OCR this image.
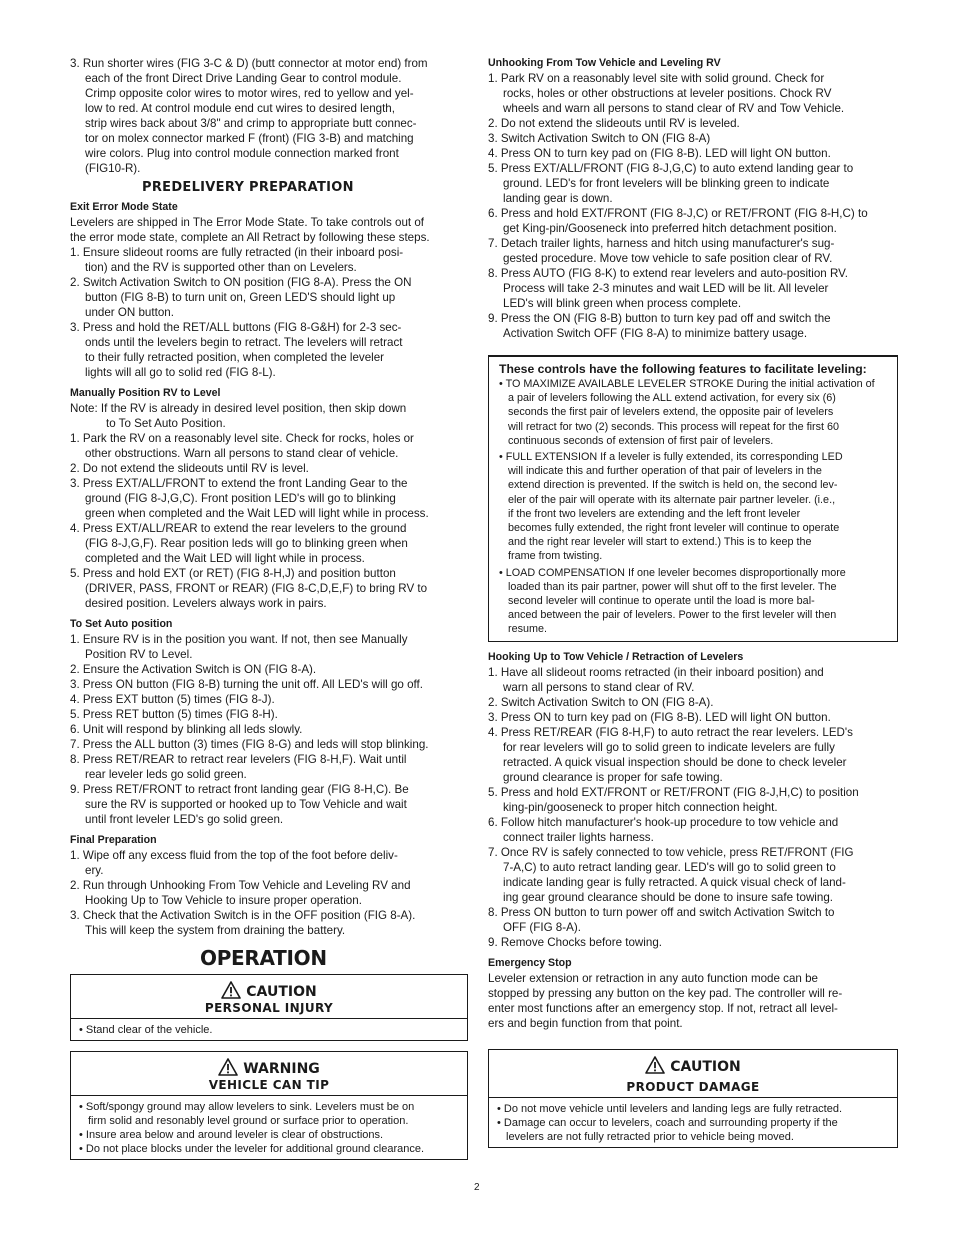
3. Run shorter wires (FIG 3-C & D) (butt connector at motor end) from
each of the front Direct Drive Landing Gear to control module.
Crimp opposite color wires to motor wires, red to yellow and yel-
low to red. At control module end cut wires to desired length,
strip wires back about 3/8" and crimp to appropriate butt connec-
tor on molex connector marked F (front) (FIG 3-B) and matching
wire colors. Plug into control module connection marked front
(FIG10-R).
PREDELIVERY PREPARATION
Exit Error Mode State
Levelers are shipped in The Error Mode State. To take controls out of
the error mode state, complete an All Retract by following these steps.
1. Ensure slideout rooms are fully retracted (in their inboard posi-
tion) and the RV is supported other than on Levelers.
2. Switch Activation Switch to ON position (FIG 8-A). Press the ON
button (FIG 8-B) to turn unit on, Green LED'S should light up
under ON button.
3. Press and hold the RET/ALL buttons (FIG 8-G&H) for 2-3 sec-
onds until the levelers begin to retract. The levelers will retract
to their fully retracted position, when completed the leveler
lights will all go to solid red (FIG 8-L).
Manually Position RV to Level
Note: If the RV is already in desired level position, then skip down
to To Set Auto Position.
1. Park the RV on a reasonably level site. Check for rocks, holes or
other obstructions. Warn all persons to stand clear of vehicle.
2. Do not extend the slideouts until RV is level.
3. Press EXT/ALL/FRONT to extend the front Landing Gear to the
ground (FIG 8-J,G,C). Front position LED's will go to blinking
green when completed and the Wait LED will light while in process.
4. Press EXT/ALL/REAR to extend the rear levelers to the ground
(FIG 8-J,G,F). Rear position leds will go to blinking green when
completed and the Wait LED will light while in process.
5. Press and hold EXT (or RET) (FIG 8-H,J) and position button
(DRIVER, PASS, FRONT or REAR) (FIG 8-C,D,E,F) to bring RV to
desired position. Levelers always work in pairs.
To Set Auto position
1. Ensure RV is in the position you want. If not, then see Manually
Position RV to Level.
2. Ensure the Activation Switch is ON (FIG 8-A).
3. Press ON button (FIG 8-B) turning the unit off. All LED's will go off.
4. Press EXT button (5) times (FIG 8-J).
5. Press RET button (5) times (FIG 8-H).
6. Unit will respond by blinking all leds slowly.
7. Press the ALL button (3) times (FIG 8-G) and leds will stop blinking.
8. Press RET/REAR to retract rear levelers (FIG 8-H,F). Wait until
rear leveler leds go solid green.
9. Press RET/FRONT to retract front landing gear (FIG 8-H,C). Be
sure the RV is supported or hooked up to Tow Vehicle and wait
until front leveler LED's go solid green.
Final Preparation
1. Wipe off any excess fluid from the top of the foot before deliv-
ery.
2. Run through Unhooking From Tow Vehicle and Leveling RV and
Hooking Up to Tow Vehicle to insure proper operation.
3. Check that the Activation Switch is in the OFF position (FIG 8-A).
This will keep the system from draining the battery.
OPERATION
CAUTION
PERSONAL INJURY
• Stand clear of the vehicle.
WARNING
VEHICLE CAN TIP
• Soft/spongy ground may allow levelers to sink. Levelers must be on
firm solid and resonably level ground or surface prior to operation.
• Insure area below and around leveler is clear of obstructions.
• Do not place blocks under the leveler for additional ground clearance.
Unhooking From Tow Vehicle and Leveling RV
1. Park RV on a reasonably level site with solid ground. Check for
rocks, holes or other obstructions at leveler positions. Chock RV
wheels and warn all persons to stand clear of RV and Tow Vehicle.
2. Do not extend the slideouts until RV is leveled.
3. Switch Activation Switch to ON (FIG 8-A)
4. Press ON to turn key pad on (FIG 8-B). LED will light ON button.
5. Press EXT/ALL/FRONT (FIG 8-J,G,C) to auto extend landing gear to
ground. LED's for front levelers will be blinking green to indicate
landing gear is down.
6. Press and hold EXT/FRONT (FIG 8-J,C) or RET/FRONT (FIG 8-H,C) to
get King-pin/Gooseneck into preferred hitch detachment position.
7. Detach trailer lights, harness and hitch using manufacturer's sug-
gested procedure. Move tow vehicle to safe position clear of RV.
8. Press AUTO (FIG 8-K) to extend rear levelers and auto-position RV.
Process will take 2-3 minutes and wait LED will be lit. All leveler
LED's will blink green when process complete.
9. Press the ON (FIG 8-B) button to turn key pad off and switch the
Activation Switch OFF (FIG 8-A) to minimize battery usage.
These controls have the following features to facilitate leveling:
• TO MAXIMIZE AVAILABLE LEVELER STROKE During the initial activation of
a pair of levelers following the ALL extend activation, for every six (6)
seconds the first pair of levelers extend, the opposite pair of levelers
will retract for two (2) seconds. This process will repeat for the first 60
continuous seconds of extension of first pair of levelers.
• FULL EXTENSION If a leveler is fully extended, its corresponding LED
will indicate this and further operation of that pair of levelers in the
extend direction is prevented. If the switch is held on, the second lev-
eler of the pair will operate with its alternate pair partner leveler. (i.e.,
if the front two levelers are extending and the left front leveler
becomes fully extended, the right front leveler will continue to operate
and the right rear leveler will start to extend.) This is to keep the
frame from twisting.
• LOAD COMPENSATION If one leveler becomes disproportionally more
loaded than its pair partner, power will shut off to the first leveler. The
second leveler will continue to operate until the load is more bal-
anced between the pair of levelers. Power to the first leveler will then
resume.
Hooking Up to Tow Vehicle / Retraction of Levelers
1. Have all slideout rooms retracted (in their inboard position) and
warn all persons to stand clear of RV.
2. Switch Activation Switch to ON (FIG 8-A).
3. Press ON to turn key pad on (FIG 8-B). LED will light ON button.
4. Press RET/REAR (FIG 8-H,F) to auto retract the rear levelers. LED's
for rear levelers will go to solid green to indicate levelers are fully
retracted. A quick visual inspection should be done to check leveler
ground clearance is proper for safe towing.
5. Press and hold EXT/FRONT or RET/FRONT (FIG 8-J,H,C) to position
king-pin/gooseneck to proper hitch connection height.
6. Follow hitch manufacturer's hook-up procedure to tow vehicle and
connect trailer lights harness.
7. Once RV is safely connected to tow vehicle, press RET/FRONT (FIG
7-A,C) to auto retract landing gear. LED's will go to solid green to
indicate landing gear is fully retracted. A quick visual check of land-
ing gear ground clearance should be done to insure safe towing.
8. Press ON button to turn power off and switch Activation Switch to
OFF (FIG 8-A).
9. Remove Chocks before towing.
Emergency Stop
Leveler extension or retraction in any auto function mode can be
stopped by pressing any button on the key pad. The controller will re-
enter most functions after an emergency stop. If not, retract all level-
ers and begin function from that point.
CAUTION
PRODUCT DAMAGE
• Do not move vehicle until levelers and landing legs are fully retracted.
• Damage can occur to levelers, coach and surrounding property if the
levelers are not fully retracted prior to vehicle being moved.
2
